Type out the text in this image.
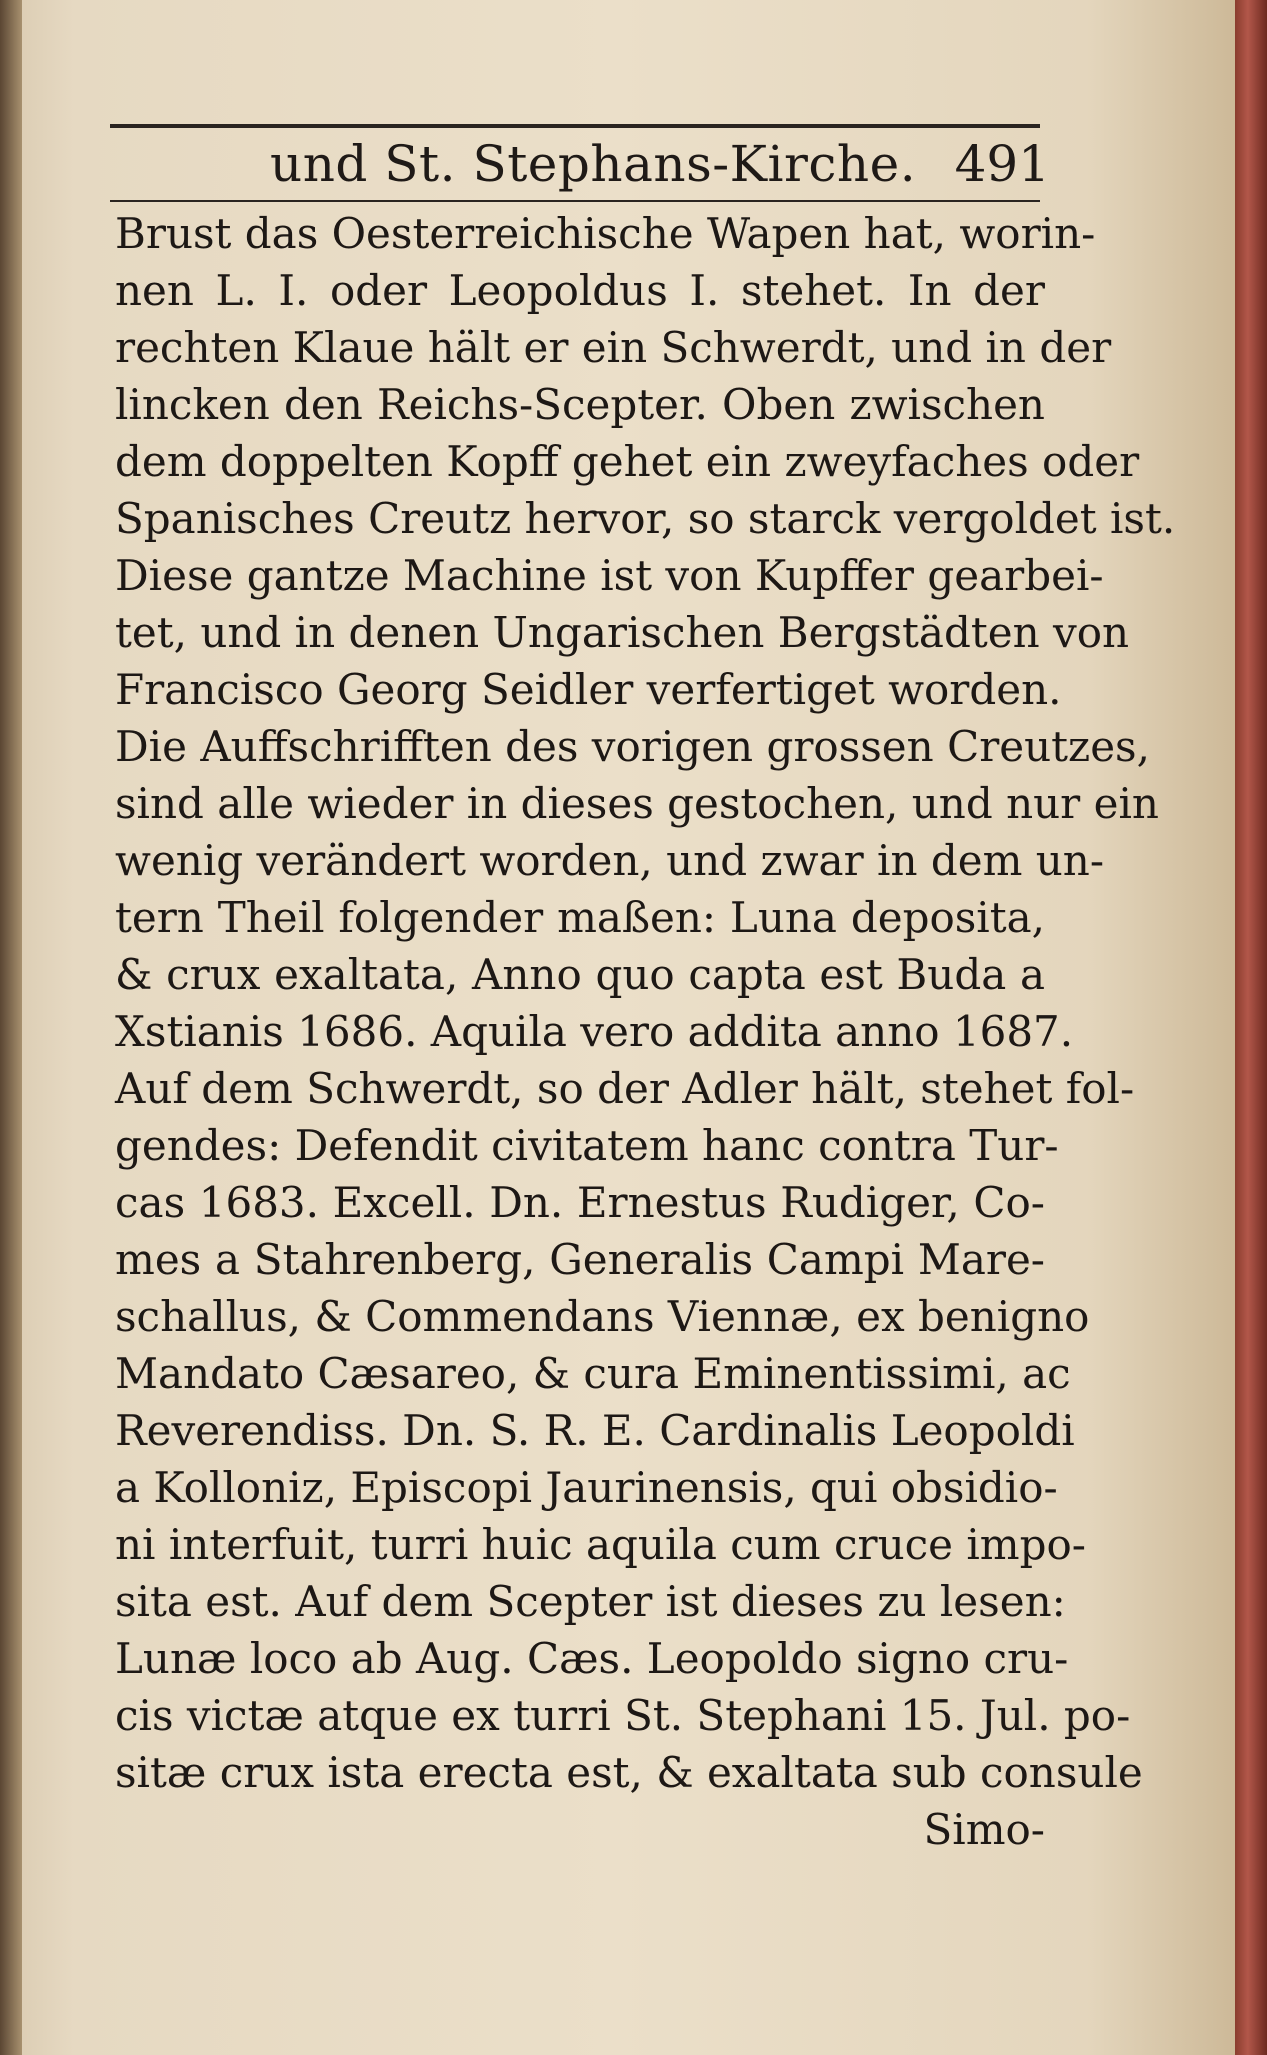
und St. Stephans-Kirche. 491
Brust das Oesterreichische Wapen hat, worin-
nen L. I. oder Leopoldus I. stehet. In der
rechten Klaue hält er ein Schwerdt, und in der
lincken den Reichs-Scepter. Oben zwischen
dem doppelten Kopff gehet ein zweyfaches oder
Spanisches Creutz hervor, so starck vergoldet ist.
Diese gantze Machine ist von Kupffer gearbei-
tet, und in denen Ungarischen Bergstädten von
Francisco Georg Seidler verfertiget worden.
Die Auffschrifften des vorigen grossen Creutzes,
sind alle wieder in dieses gestochen, und nur ein
wenig verändert worden, und zwar in dem un-
tern Theil folgender maßen: Luna deposita,
& crux exaltata, Anno quo capta est Buda a
Xstianis 1686. Aquila vero addita anno 1687.
Auf dem Schwerdt, so der Adler hält, stehet fol-
gendes: Defendit civitatem hanc contra Tur-
cas 1683. Excell. Dn. Ernestus Rudiger, Co-
mes a Stahrenberg, Generalis Campi Mare-
schallus, & Commendans Viennæ, ex benigno
Mandato Cæsareo, & cura Eminentissimi, ac
Reverendiss. Dn. S. R. E. Cardinalis Leopoldi
a Kolloniz, Episcopi Jaurinensis, qui obsidio-
ni interfuit, turri huic aquila cum cruce impo-
sita est. Auf dem Scepter ist dieses zu lesen:
Lunæ loco ab Aug. Cæs. Leopoldo signo cru-
cis victæ atque ex turri St. Stephani 15. Jul. po-
sitæ crux ista erecta est, & exaltata sub consule
Simo-
